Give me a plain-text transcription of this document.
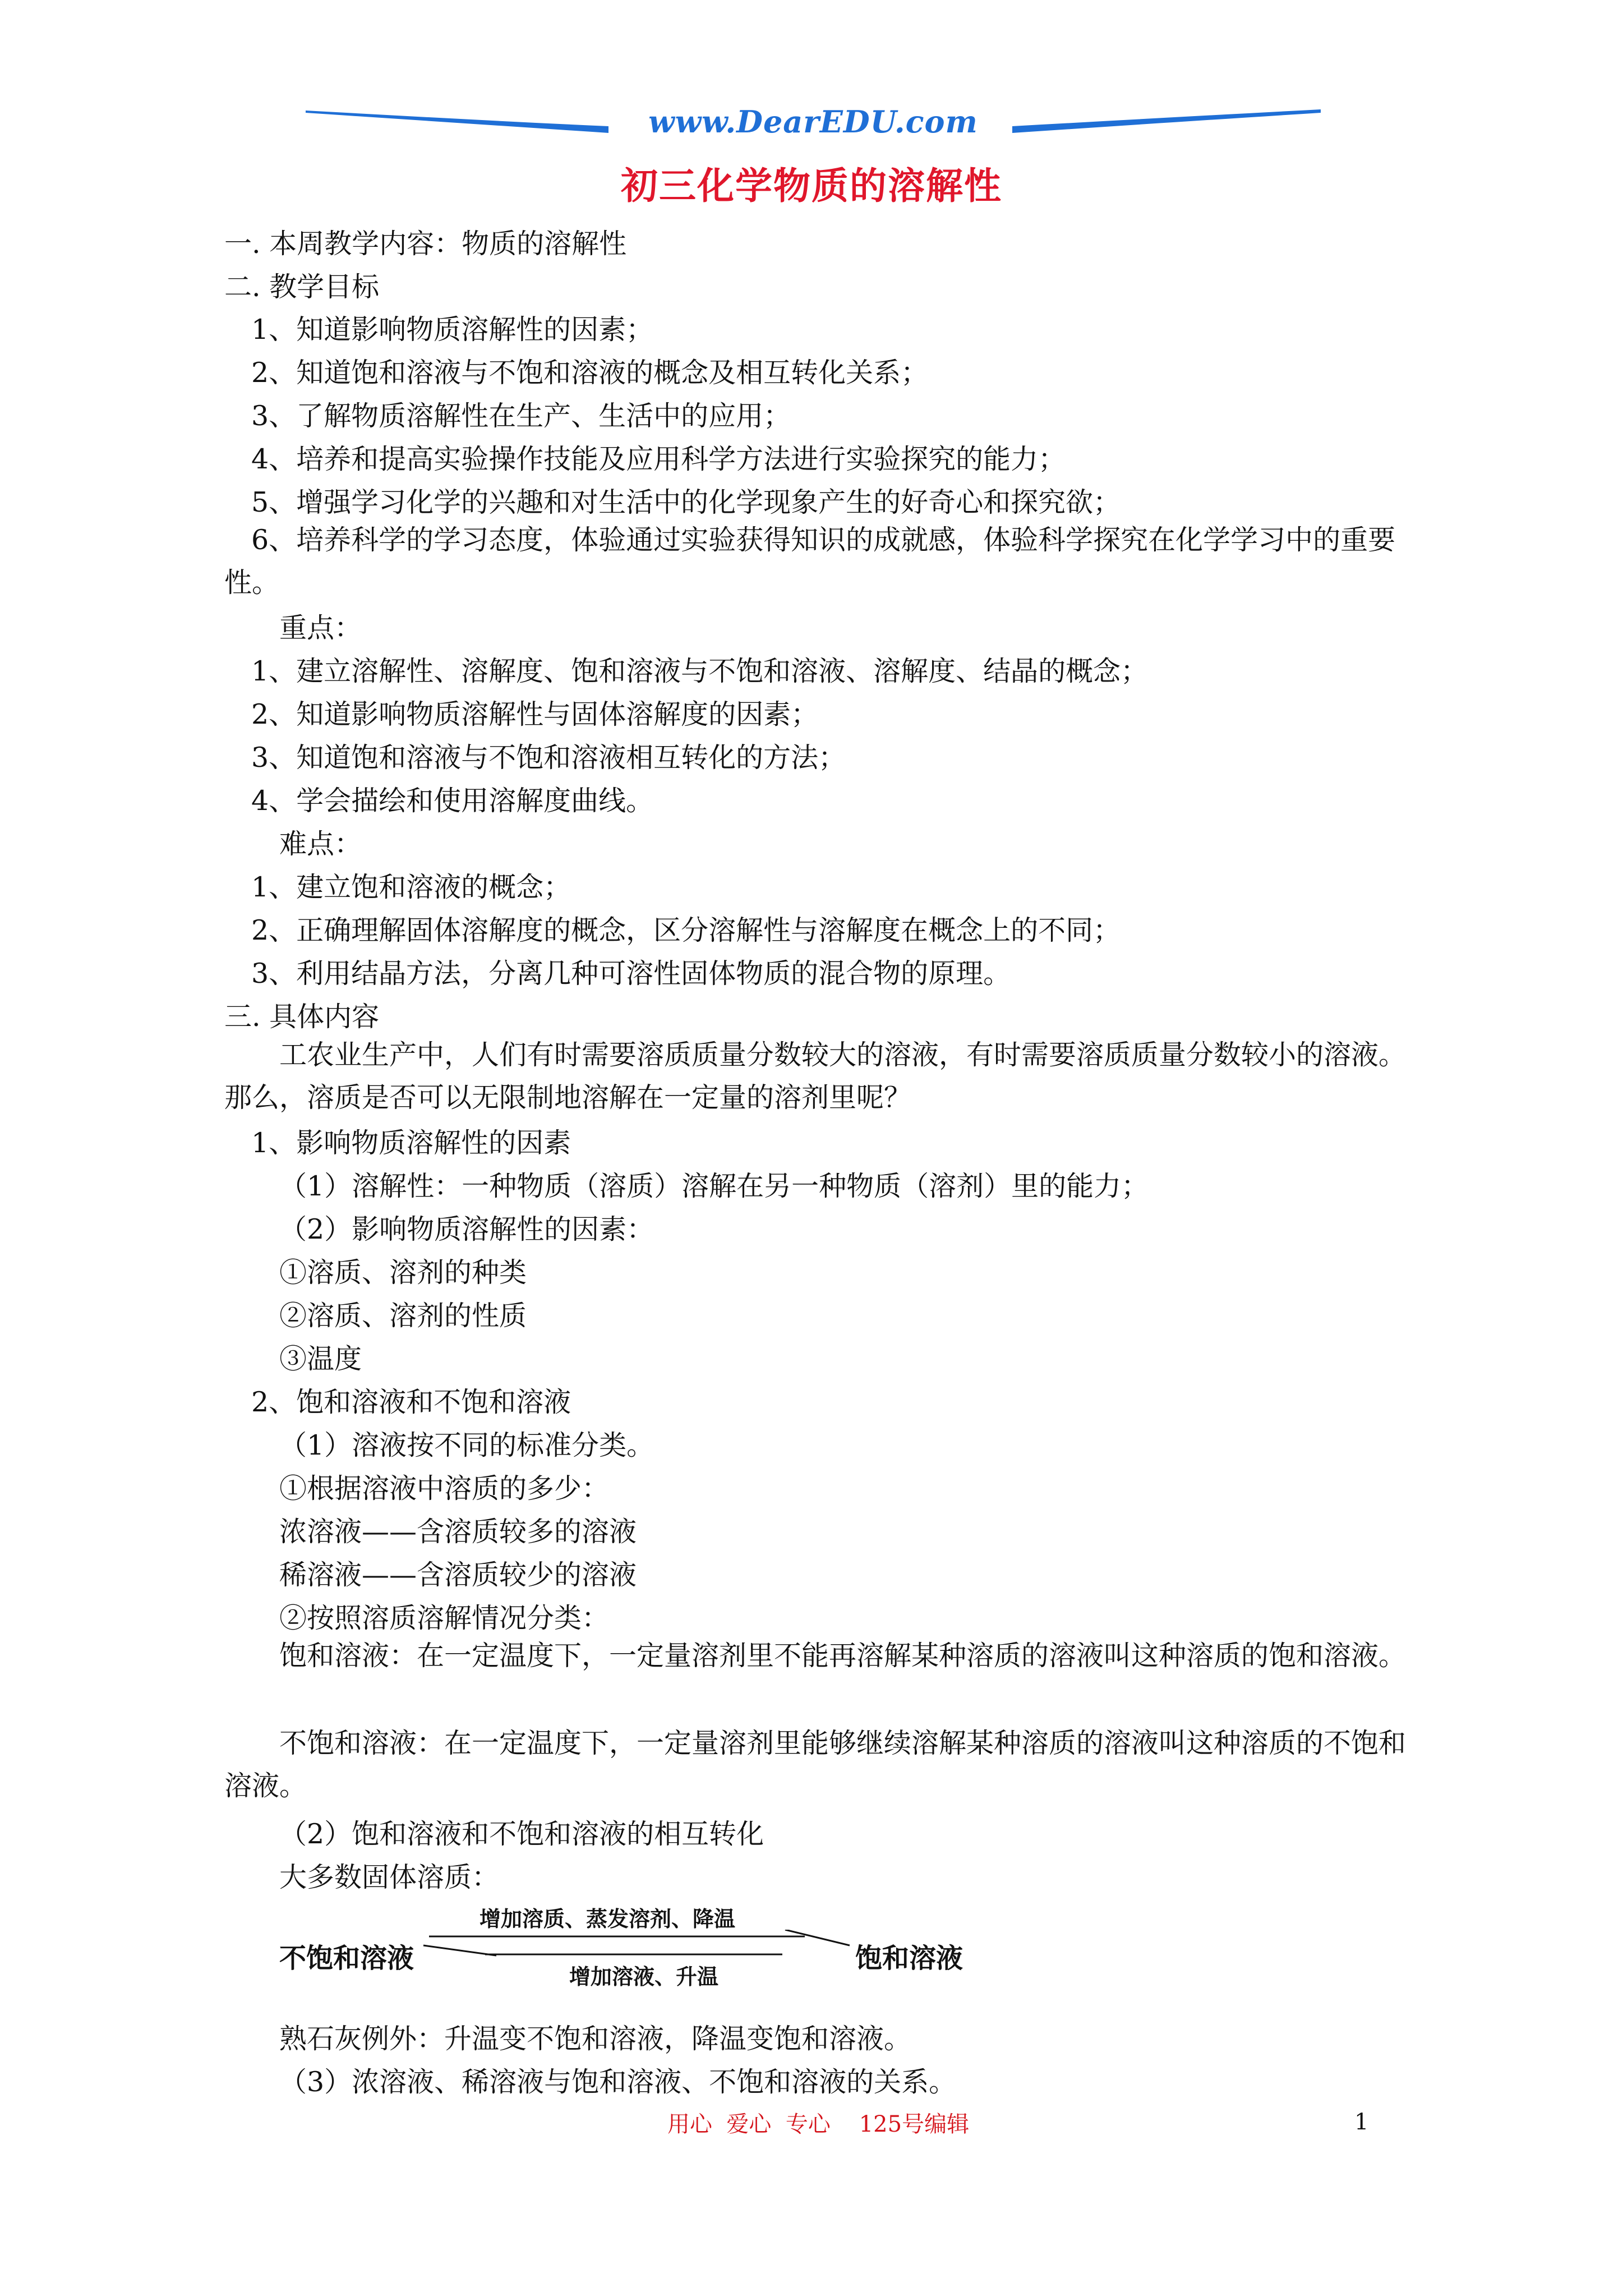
www.DearEDU.com
初三化学物质的溶解性
一. 本周教学内容：物质的溶解性
二. 教学目标
1、知道影响物质溶解性的因素；
2、知道饱和溶液与不饱和溶液的概念及相互转化关系；
3、了解物质溶解性在生产、生活中的应用；
4、培养和提高实验操作技能及应用科学方法进行实验探究的能力；
5、增强学习化学的兴趣和对生活中的化学现象产生的好奇心和探究欲；
6、培养科学的学习态度，体验通过实验获得知识的成就感，体验科学探究在化学学习中的重要性。
重点：
1、建立溶解性、溶解度、饱和溶液与不饱和溶液、溶解度、结晶的概念；
2、知道影响物质溶解性与固体溶解度的因素；
3、知道饱和溶液与不饱和溶液相互转化的方法；
4、学会描绘和使用溶解度曲线。
难点：
1、建立饱和溶液的概念；
2、正确理解固体溶解度的概念，区分溶解性与溶解度在概念上的不同；
3、利用结晶方法，分离几种可溶性固体物质的混合物的原理。
三. 具体内容
工农业生产中，人们有时需要溶质质量分数较大的溶液，有时需要溶质质量分数较小的溶液。那么，溶质是否可以无限制地溶解在一定量的溶剂里呢？
1、影响物质溶解性的因素
（1）溶解性：一种物质（溶质）溶解在另一种物质（溶剂）里的能力；
（2）影响物质溶解性的因素：
①溶质、溶剂的种类
②溶质、溶剂的性质
③温度
2、饱和溶液和不饱和溶液
（1）溶液按不同的标准分类。
①根据溶液中溶质的多少：
浓溶液——含溶质较多的溶液
稀溶液——含溶质较少的溶液
②按照溶质溶解情况分类：
饱和溶液：在一定温度下，一定量溶剂里不能再溶解某种溶质的溶液叫这种溶质的饱和溶液。
不饱和溶液：在一定温度下，一定量溶剂里能够继续溶解某种溶质的溶液叫这种溶质的不饱和溶液。
（2）饱和溶液和不饱和溶液的相互转化
大多数固体溶质：
不饱和溶液
增加溶质、蒸发溶剂、降温
增加溶液、升温
饱和溶液
熟石灰例外：升温变不饱和溶液，降温变饱和溶液。
（3）浓溶液、稀溶液与饱和溶液、不饱和溶液的关系。
用心  爱心  专心    125号编辑	1
